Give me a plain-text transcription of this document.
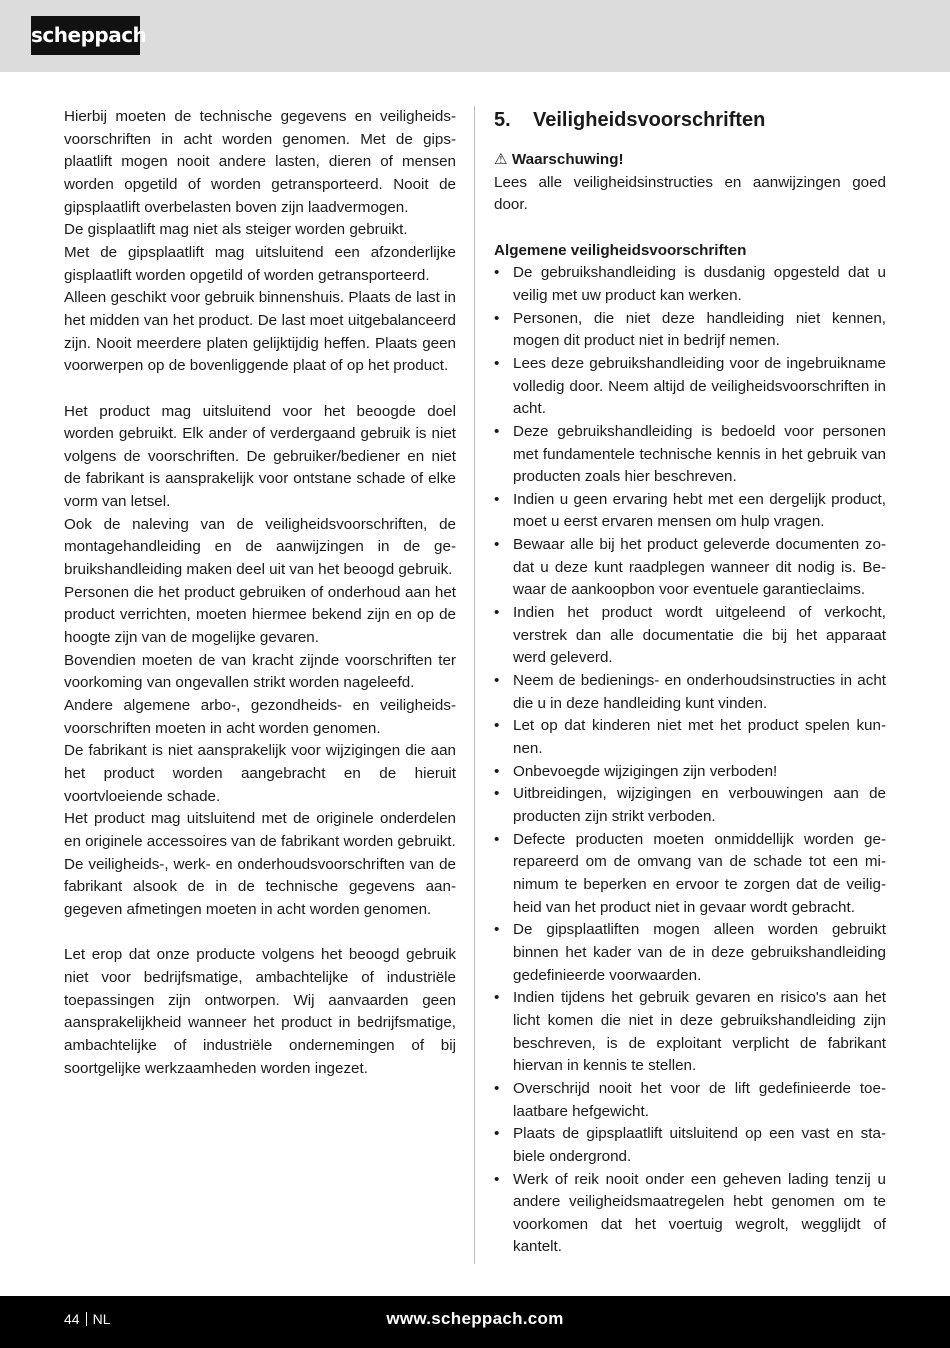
scheppach

Hierbij moeten de technische gegevens en veiligheidsvoorschriften in acht worden genomen. Met de gipsplaatlift mogen nooit andere lasten, dieren of mensen worden opgetild of worden getransporteerd. Nooit de gipsplaatlift overbelasten boven zijn laadvermogen.

De gisplaatlift mag niet als steiger worden gebruikt.

Met de gipsplaatlift mag uitsluitend een afzonderlijke gisplaatlift worden opgetild of worden getransporteerd.

Alleen geschikt voor gebruik binnenshuis. Plaats de last in het midden van het product. De last moet uitgebalanceerd zijn. Nooit meerdere platen gelijktijdig heffen. Plaats geen voorwerpen op de bovenliggende plaat of op het product.

Het product mag uitsluitend voor het beoogde doel worden gebruikt. Elk ander of verdergaand gebruik is niet volgens de voorschriften. De gebruiker/bediener en niet de fabrikant is aansprakelijk voor ontstane schade of elke vorm van letsel.

Ook de naleving van de veiligheidsvoorschriften, de montagehandleiding en de aanwijzingen in de gebruikshandleiding maken deel uit van het beoogd gebruik.

Personen die het product gebruiken of onderhoud aan het product verrichten, moeten hiermee bekend zijn en op de hoogte zijn van de mogelijke gevaren.

Bovendien moeten de van kracht zijnde voorschriften ter voorkoming van ongevallen strikt worden nageleefd.

Andere algemene arbo-, gezondheids- en veiligheidsvoorschriften moeten in acht worden genomen.

De fabrikant is niet aansprakelijk voor wijzigingen die aan het product worden aangebracht en de hieruit voortvloeiende schade.

Het product mag uitsluitend met de originele onderdelen en originele accessoires van de fabrikant worden gebruikt.

De veiligheids-, werk- en onderhoudsvoorschriften van de fabrikant alsook de in de technische gegevens aangegeven afmetingen moeten in acht worden genomen.

Let erop dat onze producte volgens het beoogd gebruik niet voor bedrijfsmatige, ambachtelijke of industriële toepassingen zijn ontworpen. Wij aanvaarden geen aansprakelijkheid wanneer het product in bedrijfsmatige, ambachtelijke of industriële ondernemingen of bij soortgelijke werkzaamheden worden ingezet.

5. Veiligheidsvoorschriften

⚠ Waarschuwing!

Lees alle veiligheidsinstructies en aanwijzingen goed door.

Algemene veiligheidsvoorschriften

• De gebruikshandleiding is dusdanig opgesteld dat u veilig met uw product kan werken.
• Personen, die niet deze handleiding niet kennen, mogen dit product niet in bedrijf nemen.
• Lees deze gebruikshandleiding voor de ingebruikname volledig door. Neem altijd de veiligheidsvoorschriften in acht.
• Deze gebruikshandleiding is bedoeld voor personen met fundamentele technische kennis in het gebruik van producten zoals hier beschreven.
• Indien u geen ervaring hebt met een dergelijk product, moet u eerst ervaren mensen om hulp vragen.
• Bewaar alle bij het product geleverde documenten zodat u deze kunt raadplegen wanneer dit nodig is. Bewaar de aankoopbon voor eventuele garantieclaims.
• Indien het product wordt uitgeleend of verkocht, verstrek dan alle documentatie die bij het apparaat werd geleverd.
• Neem de bedienings- en onderhoudsinstructies in acht die u in deze handleiding kunt vinden.
• Let op dat kinderen niet met het product spelen kunnen.
• Onbevoegde wijzigingen zijn verboden!
• Uitbreidingen, wijzigingen en verbouwingen aan de producten zijn strikt verboden.
• Defecte producten moeten onmiddellijk worden gerepareerd om de omvang van de schade tot een minimum te beperken en ervoor te zorgen dat de veiligheid van het product niet in gevaar wordt gebracht.
• De gipsplaatliften mogen alleen worden gebruikt binnen het kader van de in deze gebruikshandleiding gedefinieerde voorwaarden.
• Indien tijdens het gebruik gevaren en risico's aan het licht komen die niet in deze gebruikshandleiding zijn beschreven, is de exploitant verplicht de fabrikant hiervan in kennis te stellen.
• Overschrijd nooit het voor de lift gedefinieerde toelaatbare hefgewicht.
• Plaats de gipsplaatlift uitsluitend op een vast en stabiele ondergrond.
• Werk of reik nooit onder een geheven lading tenzij u andere veiligheidsmaatregelen hebt genomen om te voorkomen dat het voertuig wegrolt, wegglijdt of kantelt.
44 NL	www.scheppach.com
